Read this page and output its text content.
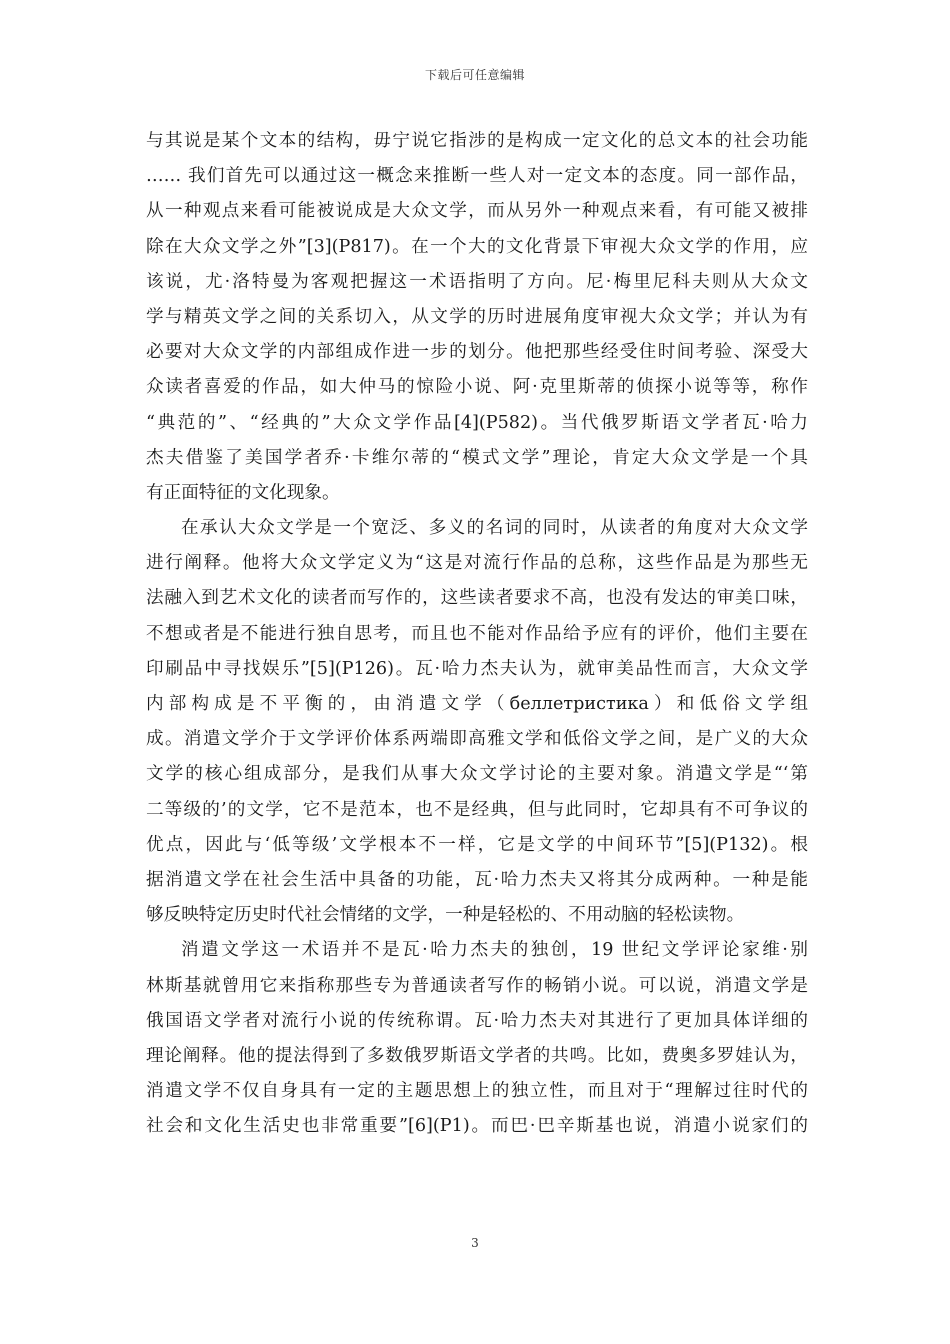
下载后可任意编辑
与其说是某个文本的结构，毋宁说它指涉的是构成一定文化的总文本的社会功能
…… 我们首先可以通过这一概念来推断一些人对一定文本的态度。同一部作品，
从一种观点来看可能被说成是大众文学，而从另外一种观点来看，有可能又被排
除在大众文学之外”[3](P817)。在一个大的文化背景下审视大众文学的作用，应
该说，尤·洛特曼为客观把握这一术语指明了方向。尼·梅里尼科夫则从大众文
学与精英文学之间的关系切入，从文学的历时进展角度审视大众文学；并认为有
必要对大众文学的内部组成作进一步的划分。他把那些经受住时间考验、深受大
众读者喜爱的作品，如大仲马的惊险小说、阿·克里斯蒂的侦探小说等等，称作
“典范的”、“经典的”大众文学作品[4](P582)。当代俄罗斯语文学者瓦·哈力
杰夫借鉴了美国学者乔·卡维尔蒂的“模式文学”理论，肯定大众文学是一个具
有正面特征的文化现象。
在承认大众文学是一个宽泛、多义的名词的同时，从读者的角度对大众文学
进行阐释。他将大众文学定义为“这是对流行作品的总称，这些作品是为那些无
法融入到艺术文化的读者而写作的，这些读者要求不高，也没有发达的审美口味，
不想或者是不能进行独自思考，而且也不能对作品给予应有的评价，他们主要在
印刷品中寻找娱乐”[5](P126)。瓦·哈力杰夫认为，就审美品性而言，大众文学
内部构成是不平衡的，由消遣文学（беллетристика）和低俗文学组
成。消遣文学介于文学评价体系两端即高雅文学和低俗文学之间，是广义的大众
文学的核心组成部分，是我们从事大众文学讨论的主要对象。消遣文学是“‘第
二等级的’的文学，它不是范本，也不是经典，但与此同时，它却具有不可争议的
优点，因此与‘低等级’文学根本不一样，它是文学的中间环节”[5](P132)。根
据消遣文学在社会生活中具备的功能，瓦·哈力杰夫又将其分成两种。一种是能
够反映特定历史时代社会情绪的文学，一种是轻松的、不用动脑的轻松读物。
消遣文学这一术语并不是瓦·哈力杰夫的独创，19 世纪文学评论家维·别
林斯基就曾用它来指称那些专为普通读者写作的畅销小说。可以说，消遣文学是
俄国语文学者对流行小说的传统称谓。瓦·哈力杰夫对其进行了更加具体详细的
理论阐释。他的提法得到了多数俄罗斯语文学者的共鸣。比如，费奥多罗娃认为，
消遣文学不仅自身具有一定的主题思想上的独立性，而且对于“理解过往时代的
社会和文化生活史也非常重要”[6](P1)。而巴·巴辛斯基也说，消遣小说家们的
3
